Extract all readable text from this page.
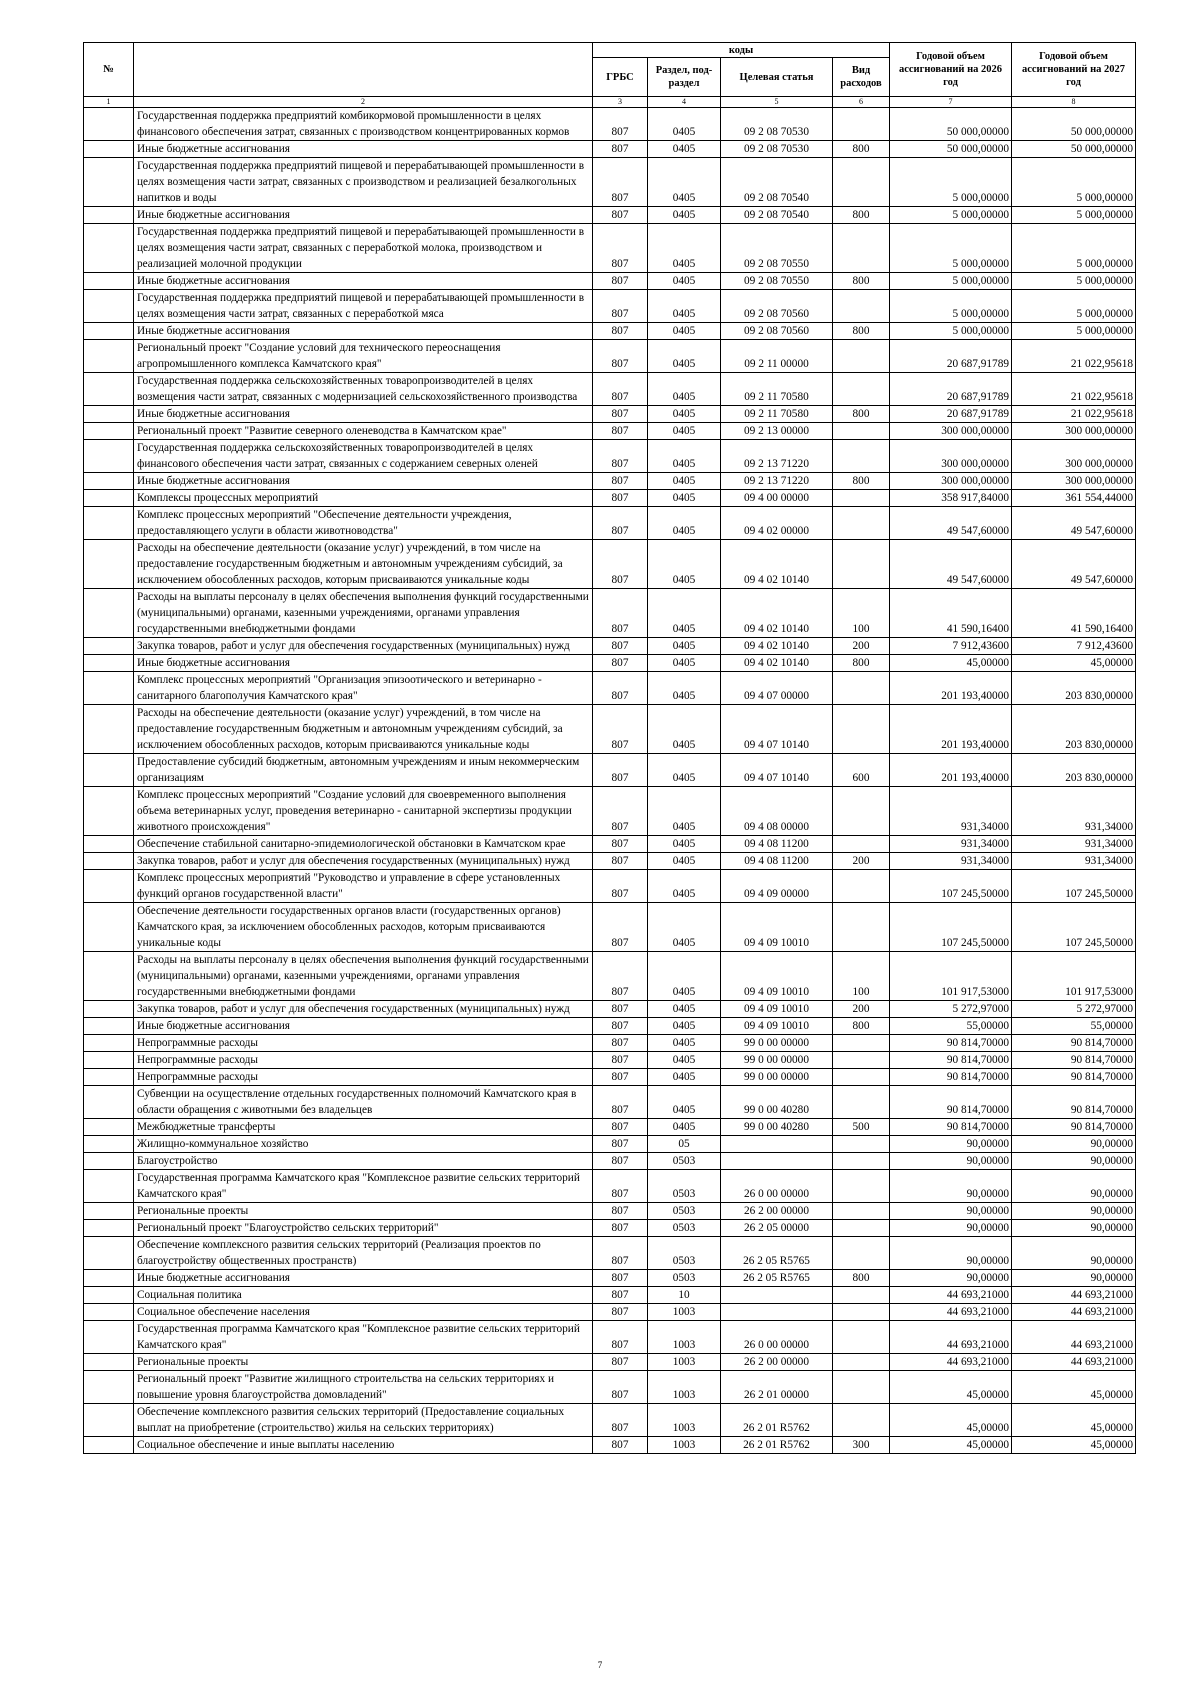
№		коды				Годовой объем ассигнований на 2026 год	Годовой объем ассигнований на 2027 год
		ГРБС	Раздел, под-раздел	Целевая статья	Вид расходов		
1	2	3	4	5	6	7	8
	Государственная поддержка предприятий комбикормовой промышленности в целях финансового обеспечения затрат, связанных с производством концентрированных кормов	807	0405	09 2 08 70530		50 000,00000	50 000,00000
	Иные бюджетные ассигнования	807	0405	09 2 08 70530	800	50 000,00000	50 000,00000
	Государственная поддержка предприятий пищевой и перерабатывающей промышленности в целях возмещения части затрат, связанных с производством и реализацией безалкогольных напитков и воды	807	0405	09 2 08 70540		5 000,00000	5 000,00000
	Иные бюджетные ассигнования	807	0405	09 2 08 70540	800	5 000,00000	5 000,00000
	Государственная поддержка предприятий пищевой и перерабатывающей промышленности в целях возмещения части затрат, связанных с переработкой молока, производством и реализацией молочной продукции	807	0405	09 2 08 70550		5 000,00000	5 000,00000
	Иные бюджетные ассигнования	807	0405	09 2 08 70550	800	5 000,00000	5 000,00000
	Государственная поддержка предприятий пищевой и перерабатывающей промышленности в целях возмещения части затрат, связанных с переработкой мяса	807	0405	09 2 08 70560		5 000,00000	5 000,00000
	Иные бюджетные ассигнования	807	0405	09 2 08 70560	800	5 000,00000	5 000,00000
	Региональный проект "Создание условий для технического переоснащения агропромышленного комплекса Камчатского края"	807	0405	09 2 11 00000		20 687,91789	21 022,95618
	Государственная поддержка сельскохозяйственных товаропроизводителей в целях возмещения части затрат, связанных с модернизацией сельскохозяйственного производства	807	0405	09 2 11 70580		20 687,91789	21 022,95618
	Иные бюджетные ассигнования	807	0405	09 2 11 70580	800	20 687,91789	21 022,95618
	Региональный проект "Развитие северного оленеводства в Камчатском крае"	807	0405	09 2 13 00000		300 000,00000	300 000,00000
	Государственная поддержка сельскохозяйственных товаропроизводителей в целях финансового обеспечения части затрат, связанных с содержанием северных оленей	807	0405	09 2 13 71220		300 000,00000	300 000,00000
	Иные бюджетные ассигнования	807	0405	09 2 13 71220	800	300 000,00000	300 000,00000
	Комплексы процессных мероприятий	807	0405	09 4 00 00000		358 917,84000	361 554,44000
	Комплекс процессных мероприятий "Обеспечение деятельности учреждения, предоставляющего услуги в области животноводства"	807	0405	09 4 02 00000		49 547,60000	49 547,60000
	Расходы на обеспечение деятельности (оказание услуг) учреждений, в том числе на предоставление государственным бюджетным и автономным учреждениям субсидий, за исключением обособленных расходов, которым присваиваются уникальные коды	807	0405	09 4 02 10140		49 547,60000	49 547,60000
	Расходы на выплаты персоналу в целях обеспечения выполнения функций государственными (муниципальными) органами, казенными учреждениями, органами управления государственными внебюджетными фондами	807	0405	09 4 02 10140	100	41 590,16400	41 590,16400
	Закупка товаров, работ и услуг для обеспечения государственных (муниципальных) нужд	807	0405	09 4 02 10140	200	7 912,43600	7 912,43600
	Иные бюджетные ассигнования	807	0405	09 4 02 10140	800	45,00000	45,00000
	Комплекс процессных мероприятий "Организация эпизоотического и ветеринарно - санитарного благополучия Камчатского края"	807	0405	09 4 07 00000		201 193,40000	203 830,00000
	Расходы на обеспечение деятельности (оказание услуг) учреждений, в том числе на предоставление государственным бюджетным и автономным учреждениям субсидий, за исключением обособленных расходов, которым присваиваются уникальные коды	807	0405	09 4 07 10140		201 193,40000	203 830,00000
	Предоставление субсидий бюджетным, автономным учреждениям и иным некоммерческим организациям	807	0405	09 4 07 10140	600	201 193,40000	203 830,00000
	Комплекс процессных мероприятий "Создание условий для своевременного выполнения объема ветеринарных услуг, проведения ветеринарно - санитарной экспертизы продукции животного происхождения"	807	0405	09 4 08 00000		931,34000	931,34000
	Обеспечение стабильной санитарно-эпидемиологической обстановки в Камчатском крае	807	0405	09 4 08 11200		931,34000	931,34000
	Закупка товаров, работ и услуг для обеспечения государственных (муниципальных) нужд	807	0405	09 4 08 11200	200	931,34000	931,34000
	Комплекс процессных мероприятий "Руководство и управление в сфере установленных функций органов государственной власти"	807	0405	09 4 09 00000		107 245,50000	107 245,50000
	Обеспечение деятельности государственных органов власти (государственных органов) Камчатского края, за исключением обособленных расходов, которым присваиваются уникальные коды	807	0405	09 4 09 10010		107 245,50000	107 245,50000
	Расходы на выплаты персоналу в целях обеспечения выполнения функций государственными (муниципальными) органами, казенными учреждениями, органами управления государственными внебюджетными фондами	807	0405	09 4 09 10010	100	101 917,53000	101 917,53000
	Закупка товаров, работ и услуг для обеспечения государственных (муниципальных) нужд	807	0405	09 4 09 10010	200	5 272,97000	5 272,97000
	Иные бюджетные ассигнования	807	0405	09 4 09 10010	800	55,00000	55,00000
	Непрограммные расходы	807	0405	99 0 00 00000		90 814,70000	90 814,70000
	Непрограммные расходы	807	0405	99 0 00 00000		90 814,70000	90 814,70000
	Непрограммные расходы	807	0405	99 0 00 00000		90 814,70000	90 814,70000
	Субвенции на осуществление отдельных государственных полномочий Камчатского края в области обращения с животными без владельцев	807	0405	99 0 00 40280		90 814,70000	90 814,70000
	Межбюджетные трансферты	807	0405	99 0 00 40280	500	90 814,70000	90 814,70000
	Жилищно-коммунальное хозяйство	807	05			90,00000	90,00000
	Благоустройство	807	0503			90,00000	90,00000
	Государственная программа Камчатского края "Комплексное развитие сельских территорий Камчатского края"	807	0503	26 0 00 00000		90,00000	90,00000
	Региональные проекты	807	0503	26 2 00 00000		90,00000	90,00000
	Региональный проект "Благоустройство сельских территорий"	807	0503	26 2 05 00000		90,00000	90,00000
	Обеспечение комплексного развития сельских территорий (Реализация проектов по благоустройству общественных пространств)	807	0503	26 2 05 R5765		90,00000	90,00000
	Иные бюджетные ассигнования	807	0503	26 2 05 R5765	800	90,00000	90,00000
	Социальная политика	807	10			44 693,21000	44 693,21000
	Социальное обеспечение населения	807	1003			44 693,21000	44 693,21000
	Государственная программа Камчатского края "Комплексное развитие сельских территорий Камчатского края"	807	1003	26 0 00 00000		44 693,21000	44 693,21000
	Региональные проекты	807	1003	26 2 00 00000		44 693,21000	44 693,21000
	Региональный проект "Развитие жилищного строительства на сельских территориях и повышение уровня благоустройства домовладений"	807	1003	26 2 01 00000		45,00000	45,00000
	Обеспечение комплексного развития сельских территорий (Предоставление социальных выплат на приобретение (строительство) жилья на сельских территориях)	807	1003	26 2 01 R5762		45,00000	45,00000
	Социальное обеспечение и иные выплаты населению	807	1003	26 2 01 R5762	300	45,00000	45,00000
7
